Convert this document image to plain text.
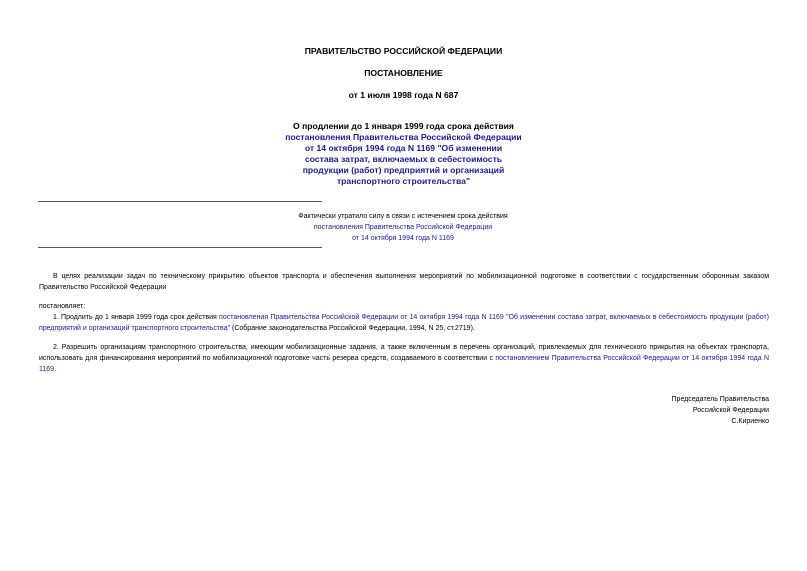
ПРАВИТЕЛЬСТВО РОССИЙСКОЙ ФЕДЕРАЦИИ
ПОСТАНОВЛЕНИЕ
от 1 июля 1998 года N 687
О продлении до 1 января 1999 года срока действия
постановления Правительства Российской Федерации
от 14 октября 1994 года N 1169 "Об изменении
состава затрат, включаемых в себестоимость
продукции (работ) предприятий и организаций
транспортного строительства"
Фактически утратило силу в связи с истечением срока действия
постановления Правительства Российской Федерации
от 14 октября 1994 года N 1169
В целях реализации задач по техническому прикрытию объектов транспорта и обеспечения выполнения мероприятий по мобилизационной подготовке в соответствии с государственным оборонным заказом Правительство Российской Федерации
постановляет:
1. Продлить до 1 января 1999 года срок действия постановления Правительства Российской Федерации от 14 октября 1994 года N 1169 "Об изменении состава затрат, включаемых в себестоимость продукции (работ) предприятий и организаций транспортного строительства" (Собрание законодательства Российской Федерации, 1994, N 25, ст.2719).
2. Разрешить организациям транспортного строительства, имеющим мобилизационные задания, а также включенным в перечень организаций, привлекаемых для технического прикрытия на объектах транспорта, использовать для финансирования мероприятий по мобилизационной подготовке часть резерва средств, создаваемого в соответствии с постановлением Правительства Российской Федерации от 14 октября 1994 года N 1169.
Председатель Правительства
Российской Федерации
С.Кириенко
